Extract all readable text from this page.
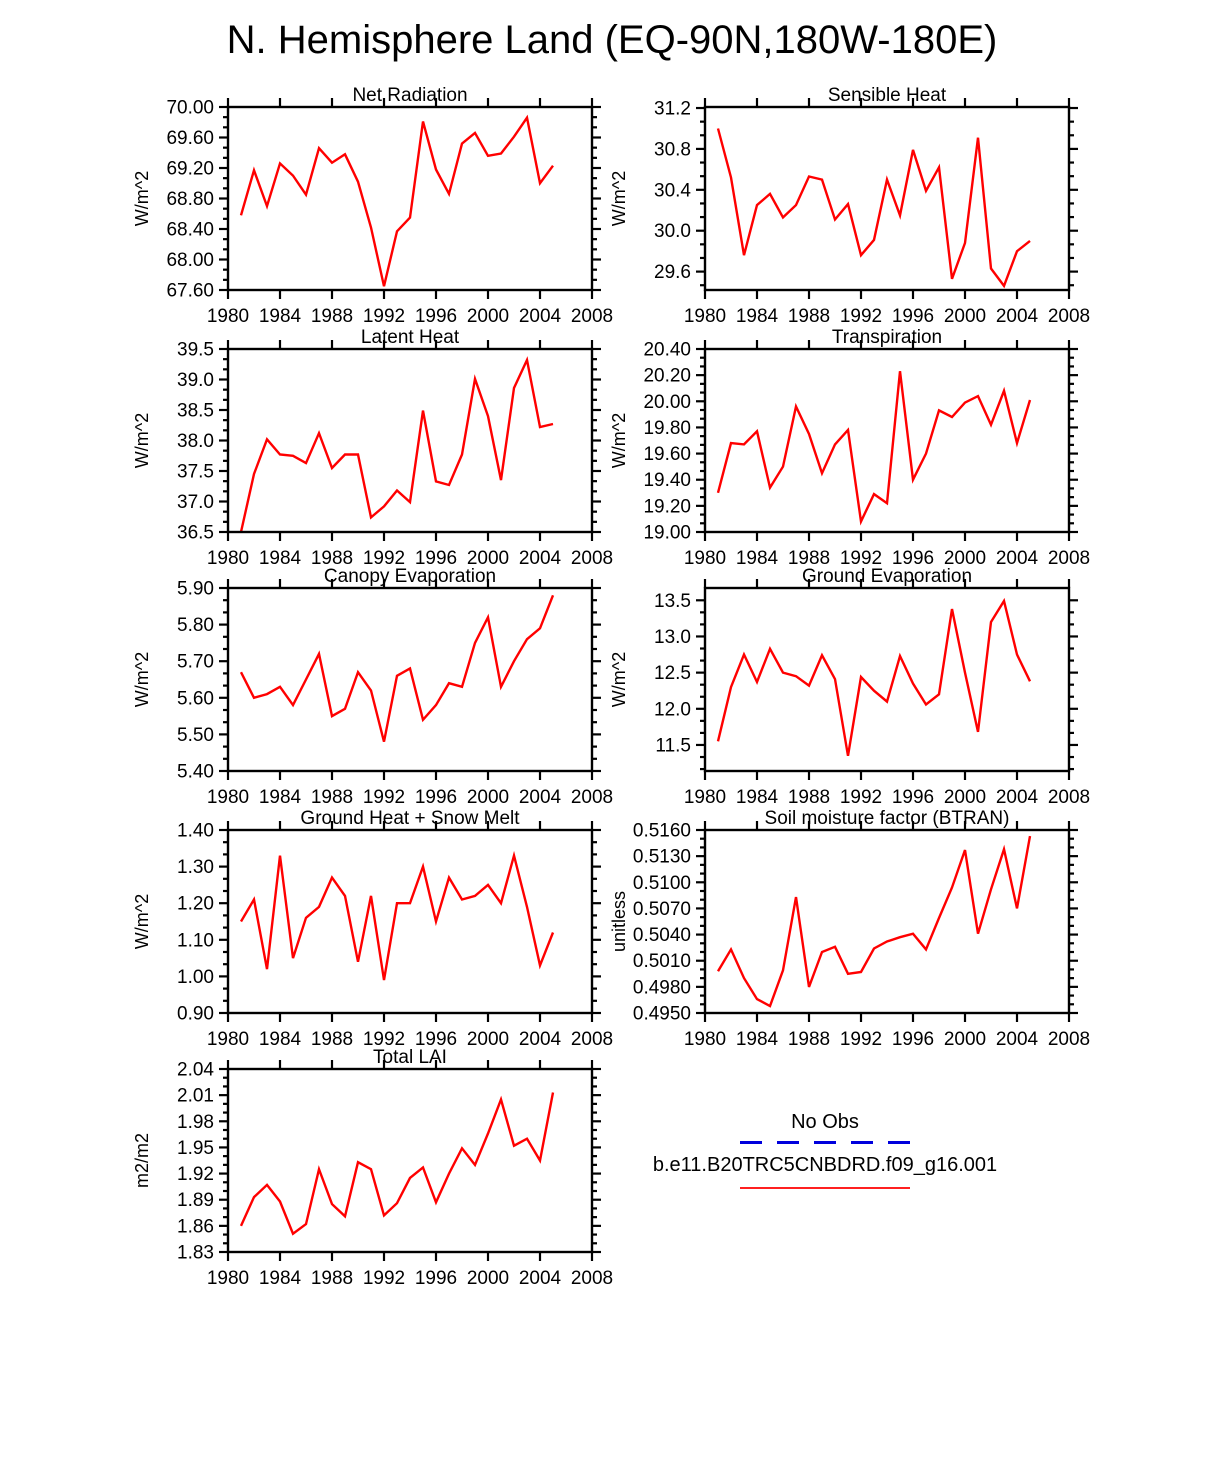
N. Hemisphere Land (EQ-90N,180W-180E)
1980 1984 1988 1992 1996 2000 2004 2008
70.00
69.60
69.20
68.80
68.40
68.00
67.60
Net Radiation
W/m^2
1980 1984 1988 1992 1996 2000 2004 2008
31.2
30.8
30.4
30.0
29.6
Sensible Heat
W/m^2
1980 1984 1988 1992 1996 2000 2004 2008
39.5
39.0
38.5
38.0
37.5
37.0
36.5
Latent Heat
W/m^2
1980 1984 1988 1992 1996 2000 2004 2008
20.40
20.20
20.00
19.80
19.60
19.40
19.20
19.00
Transpiration
W/m^2
1980 1984 1988 1992 1996 2000 2004 2008
5.90
5.80
5.70
5.60
5.50
5.40
Canopy Evaporation
W/m^2
1980 1984 1988 1992 1996 2000 2004 2008
13.5
13.0
12.5
12.0
11.5
Ground Evaporation
W/m^2
1980 1984 1988 1992 1996 2000 2004 2008
1.40
1.30
1.20
1.10
1.00
0.90
Ground Heat + Snow Melt
W/m^2
1980 1984 1988 1992 1996 2000 2004 2008
0.5160
0.5130
0.5100
0.5070
0.5040
0.5010
0.4980
0.4950
Soil moisture factor (BTRAN)
unitless
1980 1984 1988 1992 1996 2000 2004 2008
2.04
2.01
1.98
1.95
1.92
1.89
1.86
1.83
Total LAI
m2/m2
No Obs
b.e11.B20TRC5CNBDRD.f09_g16.001
